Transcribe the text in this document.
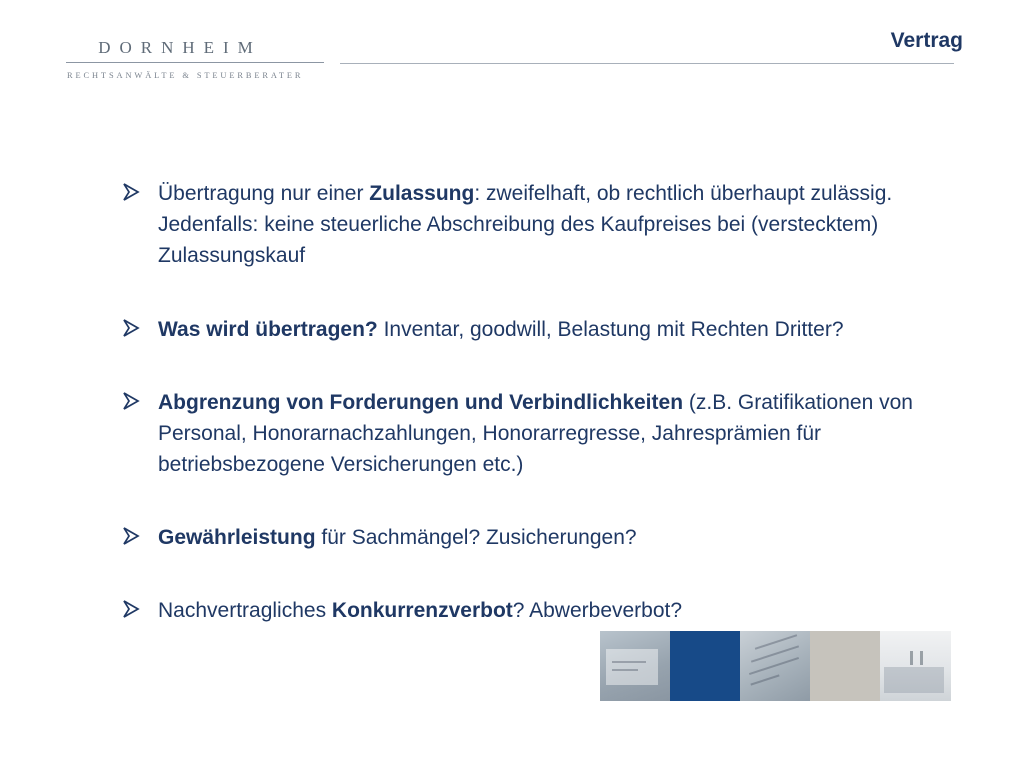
DORNHEIM
RECHTSANWÄLTE & STEUERBERATER
Vertrag
Übertragung nur einer Zulassung: zweifelhaft, ob rechtlich überhaupt zulässig. Jedenfalls: keine steuerliche Abschreibung des Kaufpreises bei (verstecktem) Zulassungskauf
Was wird übertragen? Inventar, goodwill, Belastung mit Rechten Dritter?
Abgrenzung von Forderungen und Verbindlichkeiten (z.B. Gratifikationen von Personal, Honorarnachzahlungen, Honorarregresse, Jahresprämien für betriebsbezogene Versicherungen etc.)
Gewährleistung für Sachmängel? Zusicherungen?
Nachvertragliches Konkurrenzverbot? Abwerbeverbot?
